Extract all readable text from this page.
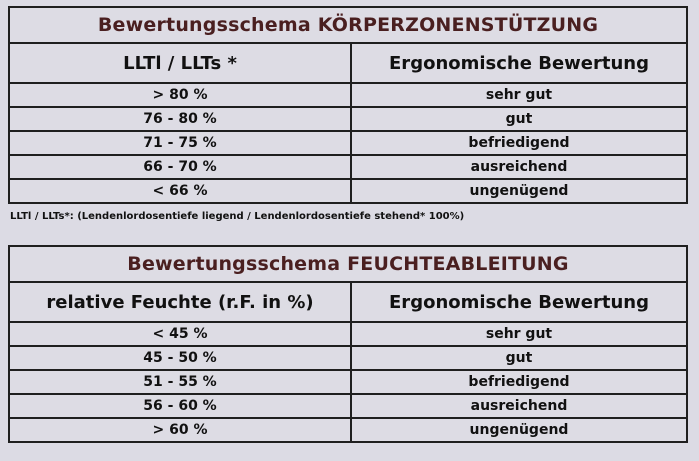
Bewertungsschema KÖRPERZONENSTÜTZUNG
LLTl / LLTs *	Ergonomische Bewertung
> 80 %	sehr gut
76 - 80 %	gut
71 - 75 %	befriedigend
66 - 70 %	ausreichend
< 66 %	ungenügend
LLTl / LLTs*: (Lendenlordosentiefe liegend / Lendenlordosentiefe stehend* 100%)
Bewertungsschema FEUCHTEABLEITUNG
relative Feuchte (r.F. in %)	Ergonomische Bewertung
< 45 %	sehr gut
45 - 50 %	gut
51 - 55 %	befriedigend
56 - 60 %	ausreichend
> 60 %	ungenügend
